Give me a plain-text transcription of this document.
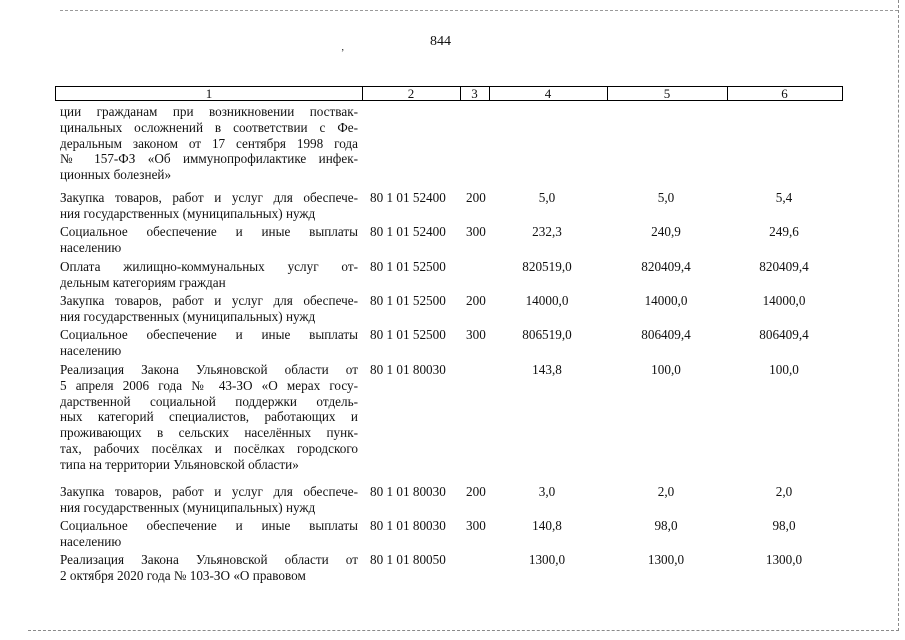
844
’
1	2	3	4	5	6
ции гражданам при возникновении поствак-
цинальных осложнений в соответствии с Фе-
деральным законом от 17 сентября 1998 года
№ 157-ФЗ «Об иммунопрофилактике инфек-
ционных болезней»
Закупка товаров, работ и услуг для обеспече-
ния государственных (муниципальных) нужд
80 1 01 52400 200	5,0	5,0	5,4
Социальное обеспечение и иные выплаты
населению
80 1 01 52400 300	232,3	240,9	249,6
Оплата жилищно-коммунальных услуг от-
дельным категориям граждан
80 1 01 52500	820519,0	820409,4	820409,4
Закупка товаров, работ и услуг для обеспече-
ния государственных (муниципальных) нужд
80 1 01 52500 200	14000,0	14000,0	14000,0
Социальное обеспечение и иные выплаты
населению
80 1 01 52500 300	806519,0	806409,4	806409,4
Реализация Закона Ульяновской области от
5 апреля 2006 года № 43-ЗО «О мерах госу-
дарственной социальной поддержки отдель-
ных категорий специалистов, работающих и
проживающих в сельских населённых пунк-
тах, рабочих посёлках и посёлках городского
типа на территории Ульяновской области»
80 1 01 80030	143,8	100,0	100,0
Закупка товаров, работ и услуг для обеспече-
ния государственных (муниципальных) нужд
80 1 01 80030 200	3,0	2,0	2,0
Социальное обеспечение и иные выплаты
населению
80 1 01 80030 300	140,8	98,0	98,0
Реализация Закона Ульяновской области от
2 октября 2020 года № 103-ЗО «О правовом
80 1 01 80050	1300,0	1300,0	1300,0
